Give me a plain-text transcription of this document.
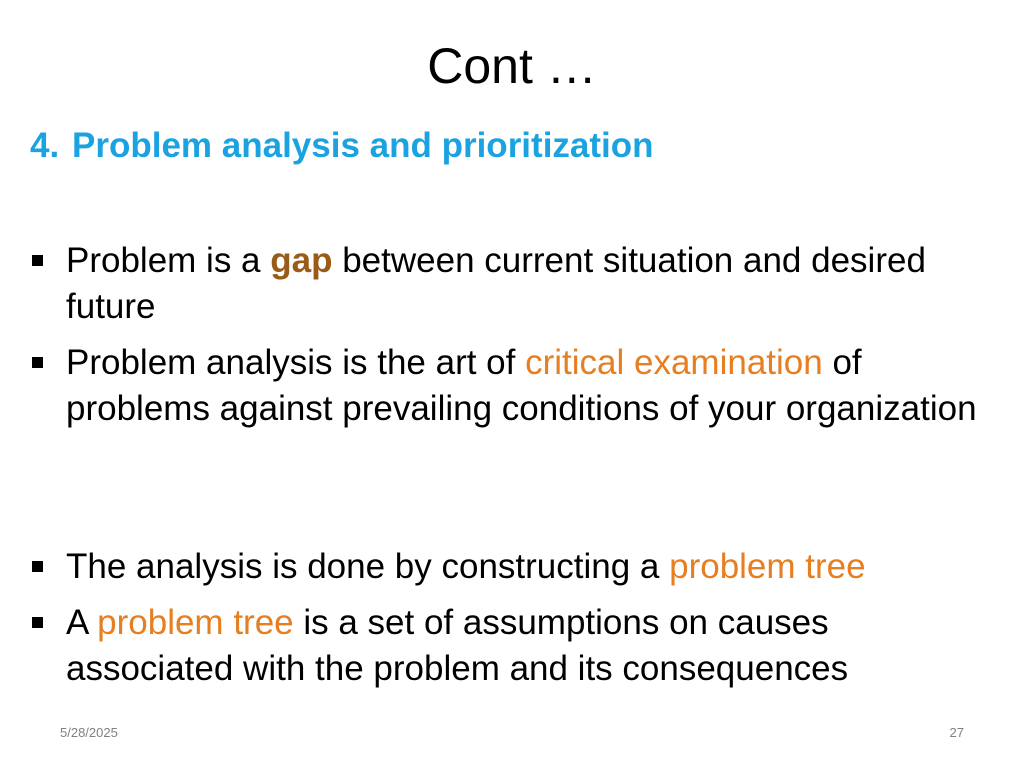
Cont …
4. Problem analysis and prioritization
Problem is a gap between current situation and desired future
Problem analysis is the art of critical examination of problems against prevailing conditions of your organization
The analysis is done by constructing a problem tree
A problem tree is a set of assumptions on causes associated with the problem and its consequences
5/28/2025	27
